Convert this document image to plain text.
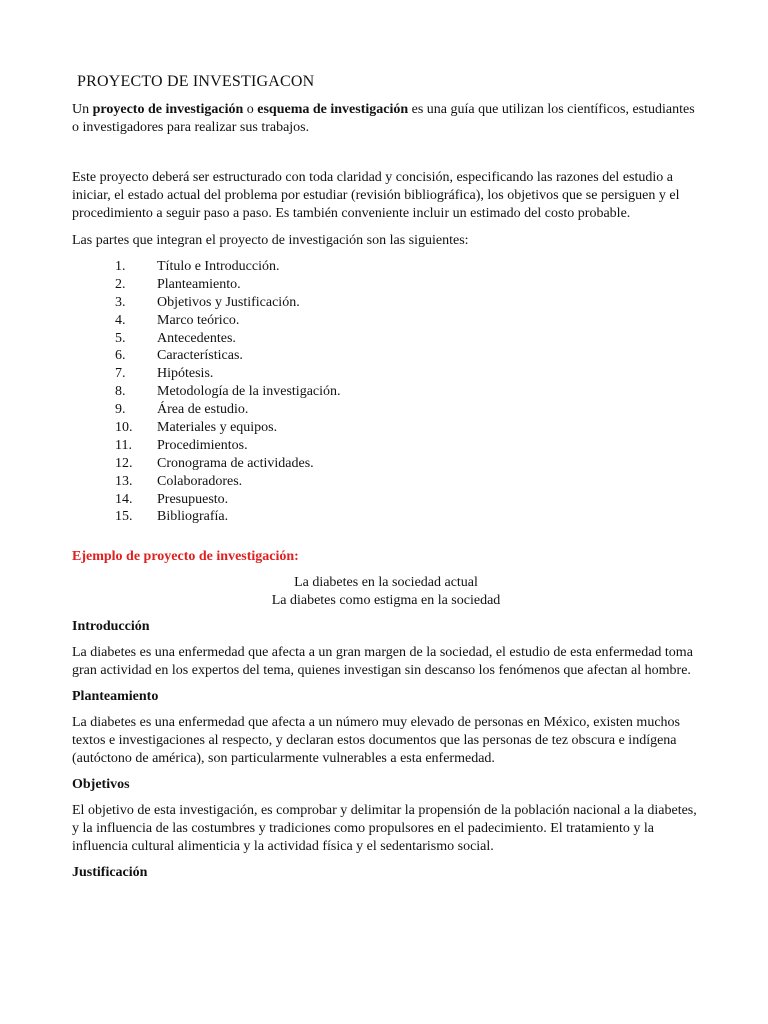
PROYECTO DE INVESTIGACON

Un proyecto de investigación o esquema de investigación es una guía que utilizan los científicos, estudiantes o investigadores para realizar sus trabajos.

Este proyecto deberá ser estructurado con toda claridad y concisión, especificando las razones del estudio a iniciar, el estado actual del problema por estudiar (revisión bibliográfica), los objetivos que se persiguen y el procedimiento a seguir paso a paso. Es también conveniente incluir un estimado del costo probable.

Las partes que integran el proyecto de investigación son las siguientes:

1.	Título e Introducción.
2.	Planteamiento.
3.	Objetivos y Justificación.
4.	Marco teórico.
5.	Antecedentes.
6.	Características.
7.	Hipótesis.
8.	Metodología de la investigación.
9.	Área de estudio.
10.	Materiales y equipos.
11.	Procedimientos.
12.	Cronograma de actividades.
13.	Colaboradores.
14.	Presupuesto.
15.	Bibliografía.

Ejemplo de proyecto de investigación:

La diabetes en la sociedad actual

La diabetes como estigma en la sociedad

Introducción

La diabetes es una enfermedad que afecta a un gran margen de la sociedad, el estudio de esta enfermedad toma gran actividad en los expertos del tema, quienes investigan sin descanso los fenómenos que afectan al hombre.

Planteamiento

La diabetes es una enfermedad que afecta a un número muy elevado de personas en México, existen muchos textos e investigaciones al respecto, y declaran estos documentos que las personas de tez obscura e indígena (autóctono de américa), son particularmente vulnerables a esta enfermedad.

Objetivos

El objetivo de esta investigación, es comprobar y delimitar la propensión de la población nacional a la diabetes, y la influencia de las costumbres y tradiciones como propulsores en el padecimiento. El tratamiento y la influencia cultural alimenticia y la actividad física y el sedentarismo social.

Justificación
